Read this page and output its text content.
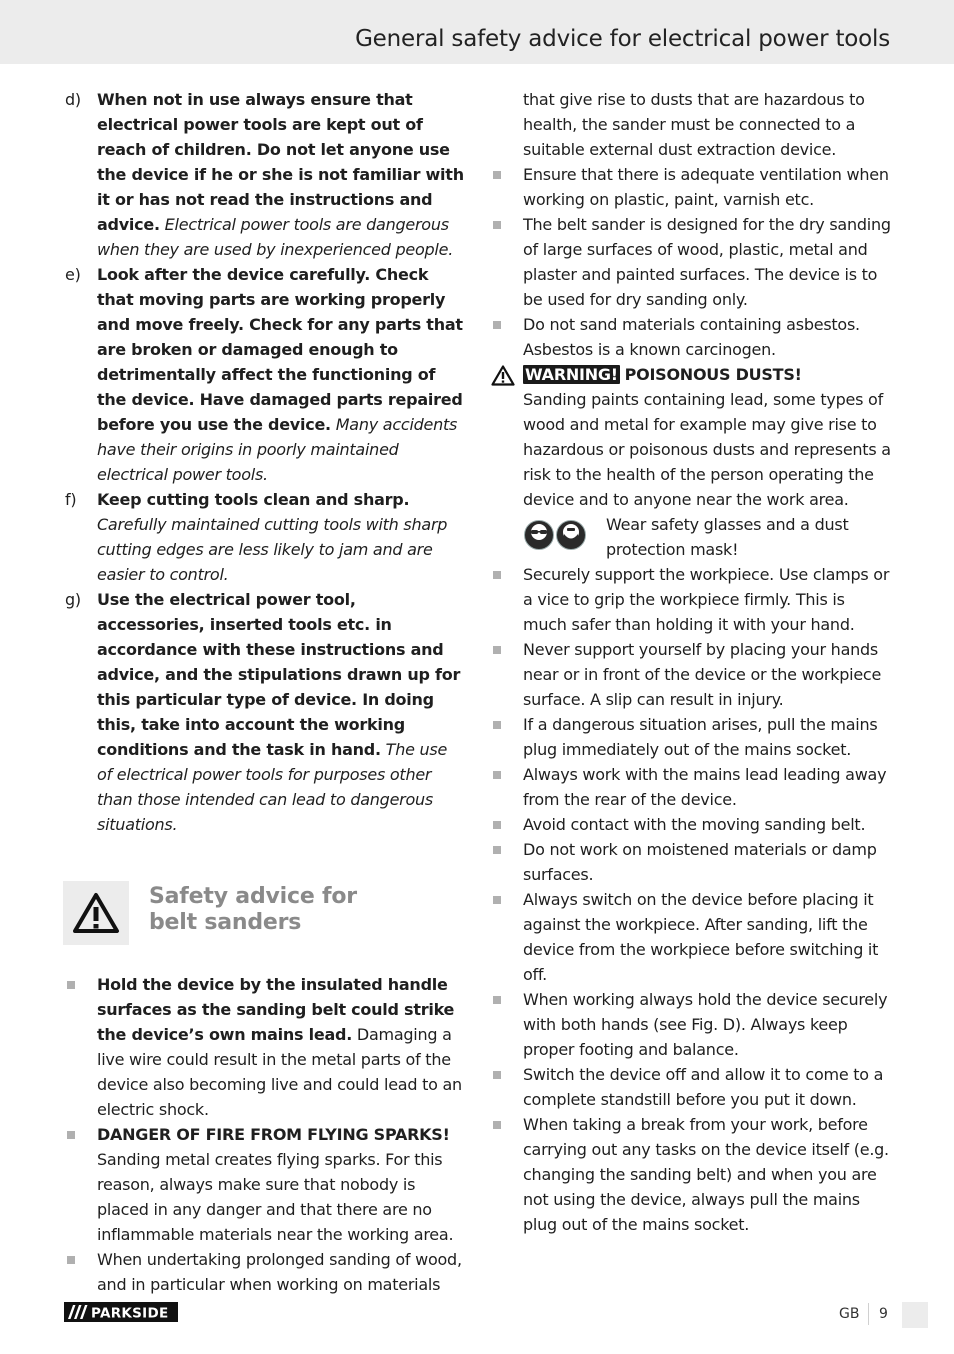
General safety advice for electrical power tools
d) When not in use always ensure that electrical power tools are kept out of reach of children. Do not let anyone use the device if he or she is not familiar with it or has not read the instructions and advice. Electrical power tools are dangerous when they are used by inexperienced people.
e) Look after the device carefully. Check that moving parts are working properly and move freely. Check for any parts that are broken or damaged enough to detrimentally affect the functioning of the device. Have damaged parts repaired before you use the device. Many accidents have their origins in poorly maintained electrical power tools.
f) Keep cutting tools clean and sharp. Carefully maintained cutting tools with sharp cutting edges are less likely to jam and are easier to control.
g) Use the electrical power tool, accessories, inserted tools etc. in accordance with these instructions and advice, and the stipulations drawn up for this particular type of device. In doing this, take into account the working conditions and the task in hand. The use of electrical power tools for purposes other than those intended can lead to dangerous situations.
Safety advice for
belt sanders
Hold the device by the insulated handle surfaces as the sanding belt could strike the device’s own mains lead. Damaging a live wire could result in the metal parts of the device also becoming live and could lead to an electric shock.
DANGER OF FIRE FROM FLYING SPARKS! Sanding metal creates flying sparks. For this reason, always make sure that nobody is placed in any danger and that there are no inflammable materials near the working area.
When undertaking prolonged sanding of wood, and in particular when working on materials
that give rise to dusts that are hazardous to health, the sander must be connected to a suitable external dust extraction device.
Ensure that there is adequate ventilation when working on plastic, paint, varnish etc.
The belt sander is designed for the dry sanding of large surfaces of wood, plastic, metal and plaster and painted surfaces. The device is to be used for dry sanding only.
Do not sand materials containing asbestos. Asbestos is a known carcinogen.
WARNING! POISONOUS DUSTS!
Sanding paints containing lead, some types of wood and metal for example may give rise to hazardous or poisonous dusts and represents a risk to the health of the person operating the device and to anyone near the work area.
Wear safety glasses and a dust protection mask!
Securely support the workpiece. Use clamps or a vice to grip the workpiece firmly. This is much safer than holding it with your hand.
Never support yourself by placing your hands near or in front of the device or the workpiece surface. A slip can result in injury.
If a dangerous situation arises, pull the mains plug immediately out of the mains socket.
Always work with the mains lead leading away from the rear of the device.
Avoid contact with the moving sanding belt.
Do not work on moistened materials or damp surfaces.
Always switch on the device before placing it against the workpiece. After sanding, lift the device from the workpiece before switching it off.
When working always hold the device securely with both hands (see Fig. D). Always keep proper footing and balance.
Switch the device off and allow it to come to a complete standstill before you put it down.
When taking a break from your work, before carrying out any tasks on the device itself (e.g. changing the sanding belt) and when you are not using the device, always pull the mains plug out of the mains socket.
PARKSIDE	GB 9
